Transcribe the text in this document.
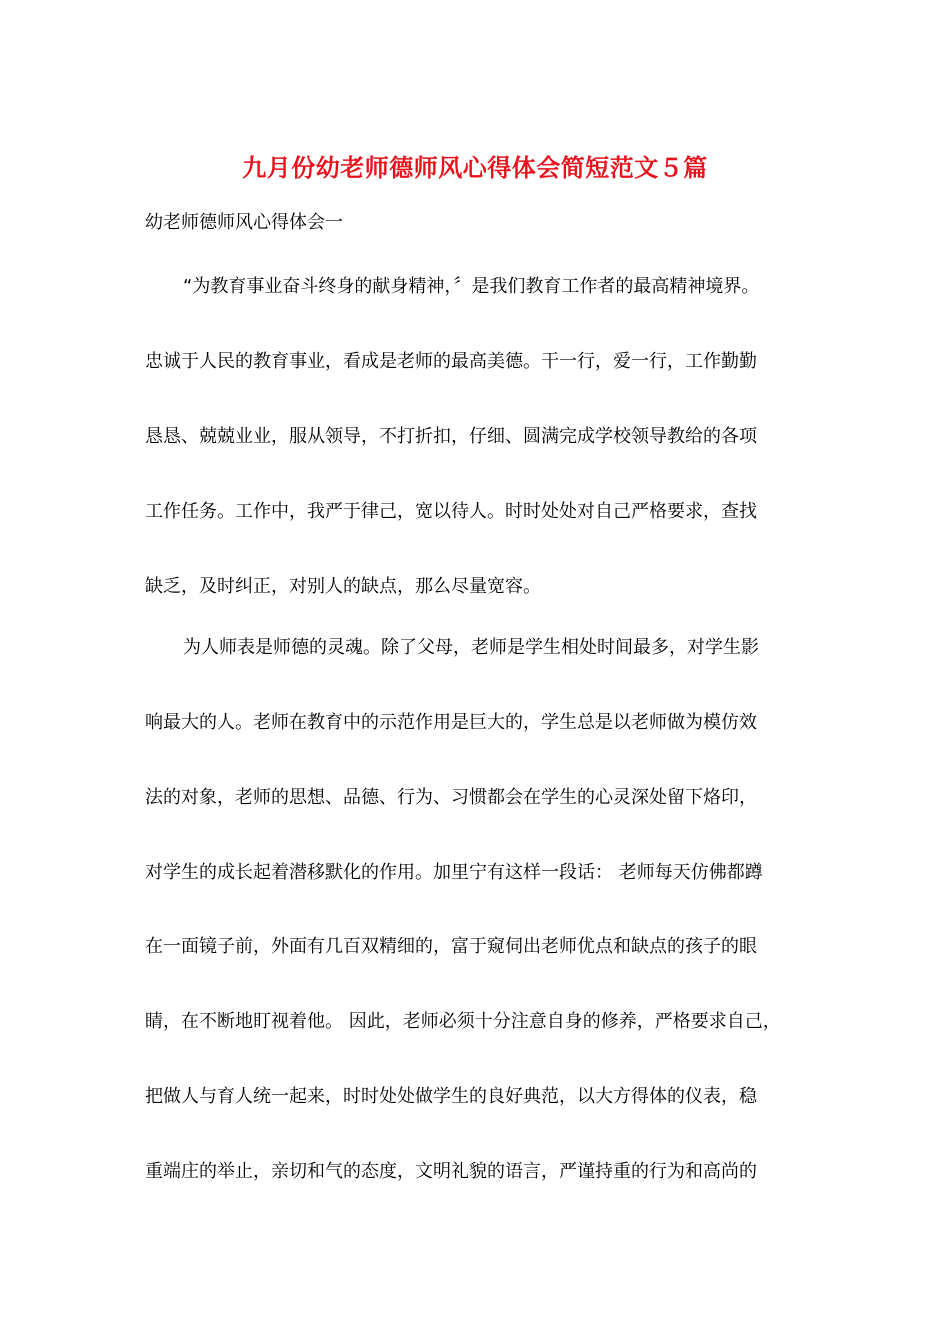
九月份幼老师德师风心得体会简短范文５篇
幼老师德师风心得体会一
“为教育事业奋斗终身的献身精神，〞是我们教育工作者的最高精神境界。
忠诚于人民的教育事业，看成是老师的最高美德。干一行，爱一行，工作勤勤
恳恳、兢兢业业，服从领导，不打折扣，仔细、圆满完成学校领导教给的各项
工作任务。工作中，我严于律己，宽以待人。时时处处对自己严格要求，查找
缺乏，及时纠正，对别人的缺点，那么尽量宽容。
为人师表是师德的灵魂。除了父母，老师是学生相处时间最多，对学生影
响最大的人。老师在教育中的示范作用是巨大的，学生总是以老师做为模仿效
法的对象，老师的思想、品德、行为、习惯都会在学生的心灵深处留下烙印，
对学生的成长起着潜移默化的作用。加里宁有这样一段话： 老师每天仿佛都蹲
在一面镜子前，外面有几百双精细的，富于窥伺出老师优点和缺点的孩子的眼
睛，在不断地盯视着他。 因此，老师必须十分注意自身的修养，严格要求自己，
把做人与育人统一起来，时时处处做学生的良好典范，以大方得体的仪表，稳
重端庄的举止，亲切和气的态度，文明礼貌的语言，严谨持重的行为和高尚的
